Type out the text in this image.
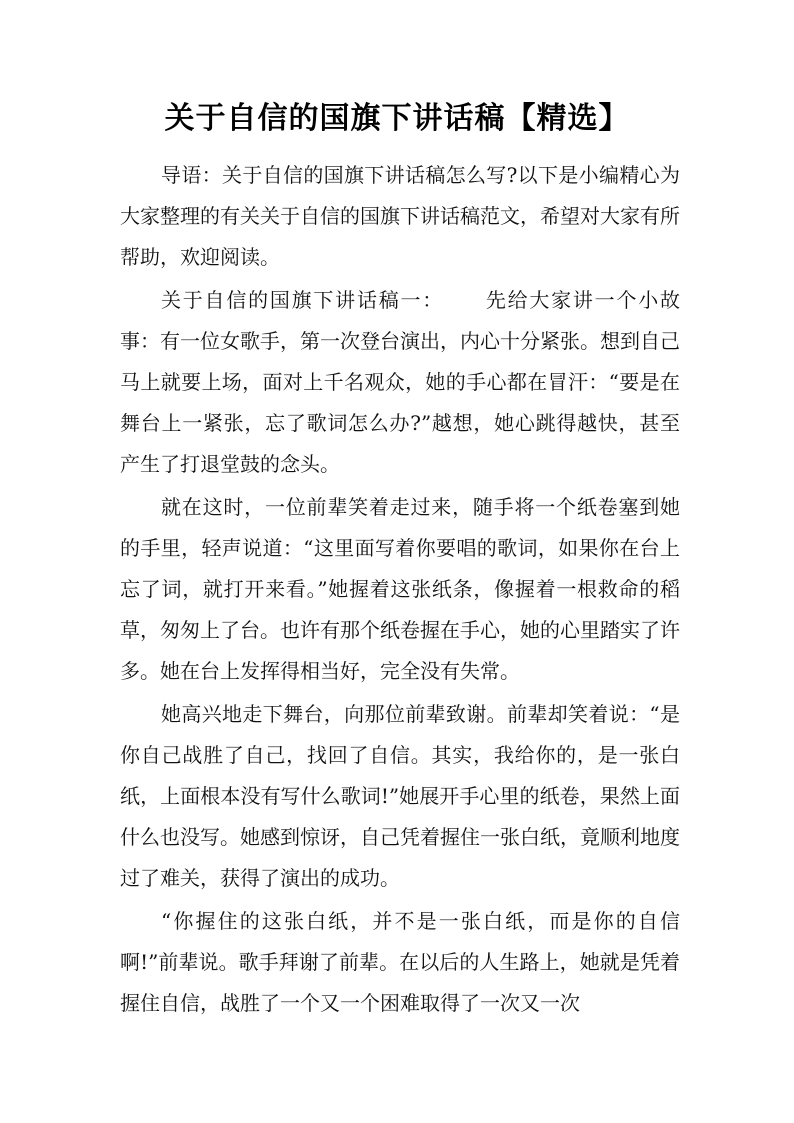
关于自信的国旗下讲话稿【精选】

导语：关于自信的国旗下讲话稿怎么写?以下是小编精心为大家整理的有关关于自信的国旗下讲话稿范文，希望对大家有所帮助，欢迎阅读。

关于自信的国旗下讲话稿一： 先给大家讲一个小故事：有一位女歌手，第一次登台演出，内心十分紧张。想到自己马上就要上场，面对上千名观众，她的手心都在冒汗：“要是在舞台上一紧张，忘了歌词怎么办?”越想，她心跳得越快，甚至产生了打退堂鼓的念头。

就在这时，一位前辈笑着走过来，随手将一个纸卷塞到她的手里，轻声说道：“这里面写着你要唱的歌词，如果你在台上忘了词，就打开来看。”她握着这张纸条，像握着一根救命的稻草，匆匆上了台。也许有那个纸卷握在手心，她的心里踏实了许多。她在台上发挥得相当好，完全没有失常。

她高兴地走下舞台，向那位前辈致谢。前辈却笑着说：“是你自己战胜了自己，找回了自信。其实，我给你的，是一张白纸，上面根本没有写什么歌词!”她展开手心里的纸卷，果然上面什么也没写。她感到惊讶，自己凭着握住一张白纸，竟顺利地度过了难关，获得了演出的成功。

“你握住的这张白纸，并不是一张白纸，而是你的自信啊!”前辈说。歌手拜谢了前辈。在以后的人生路上，她就是凭着握住自信，战胜了一个又一个困难取得了一次又一次
